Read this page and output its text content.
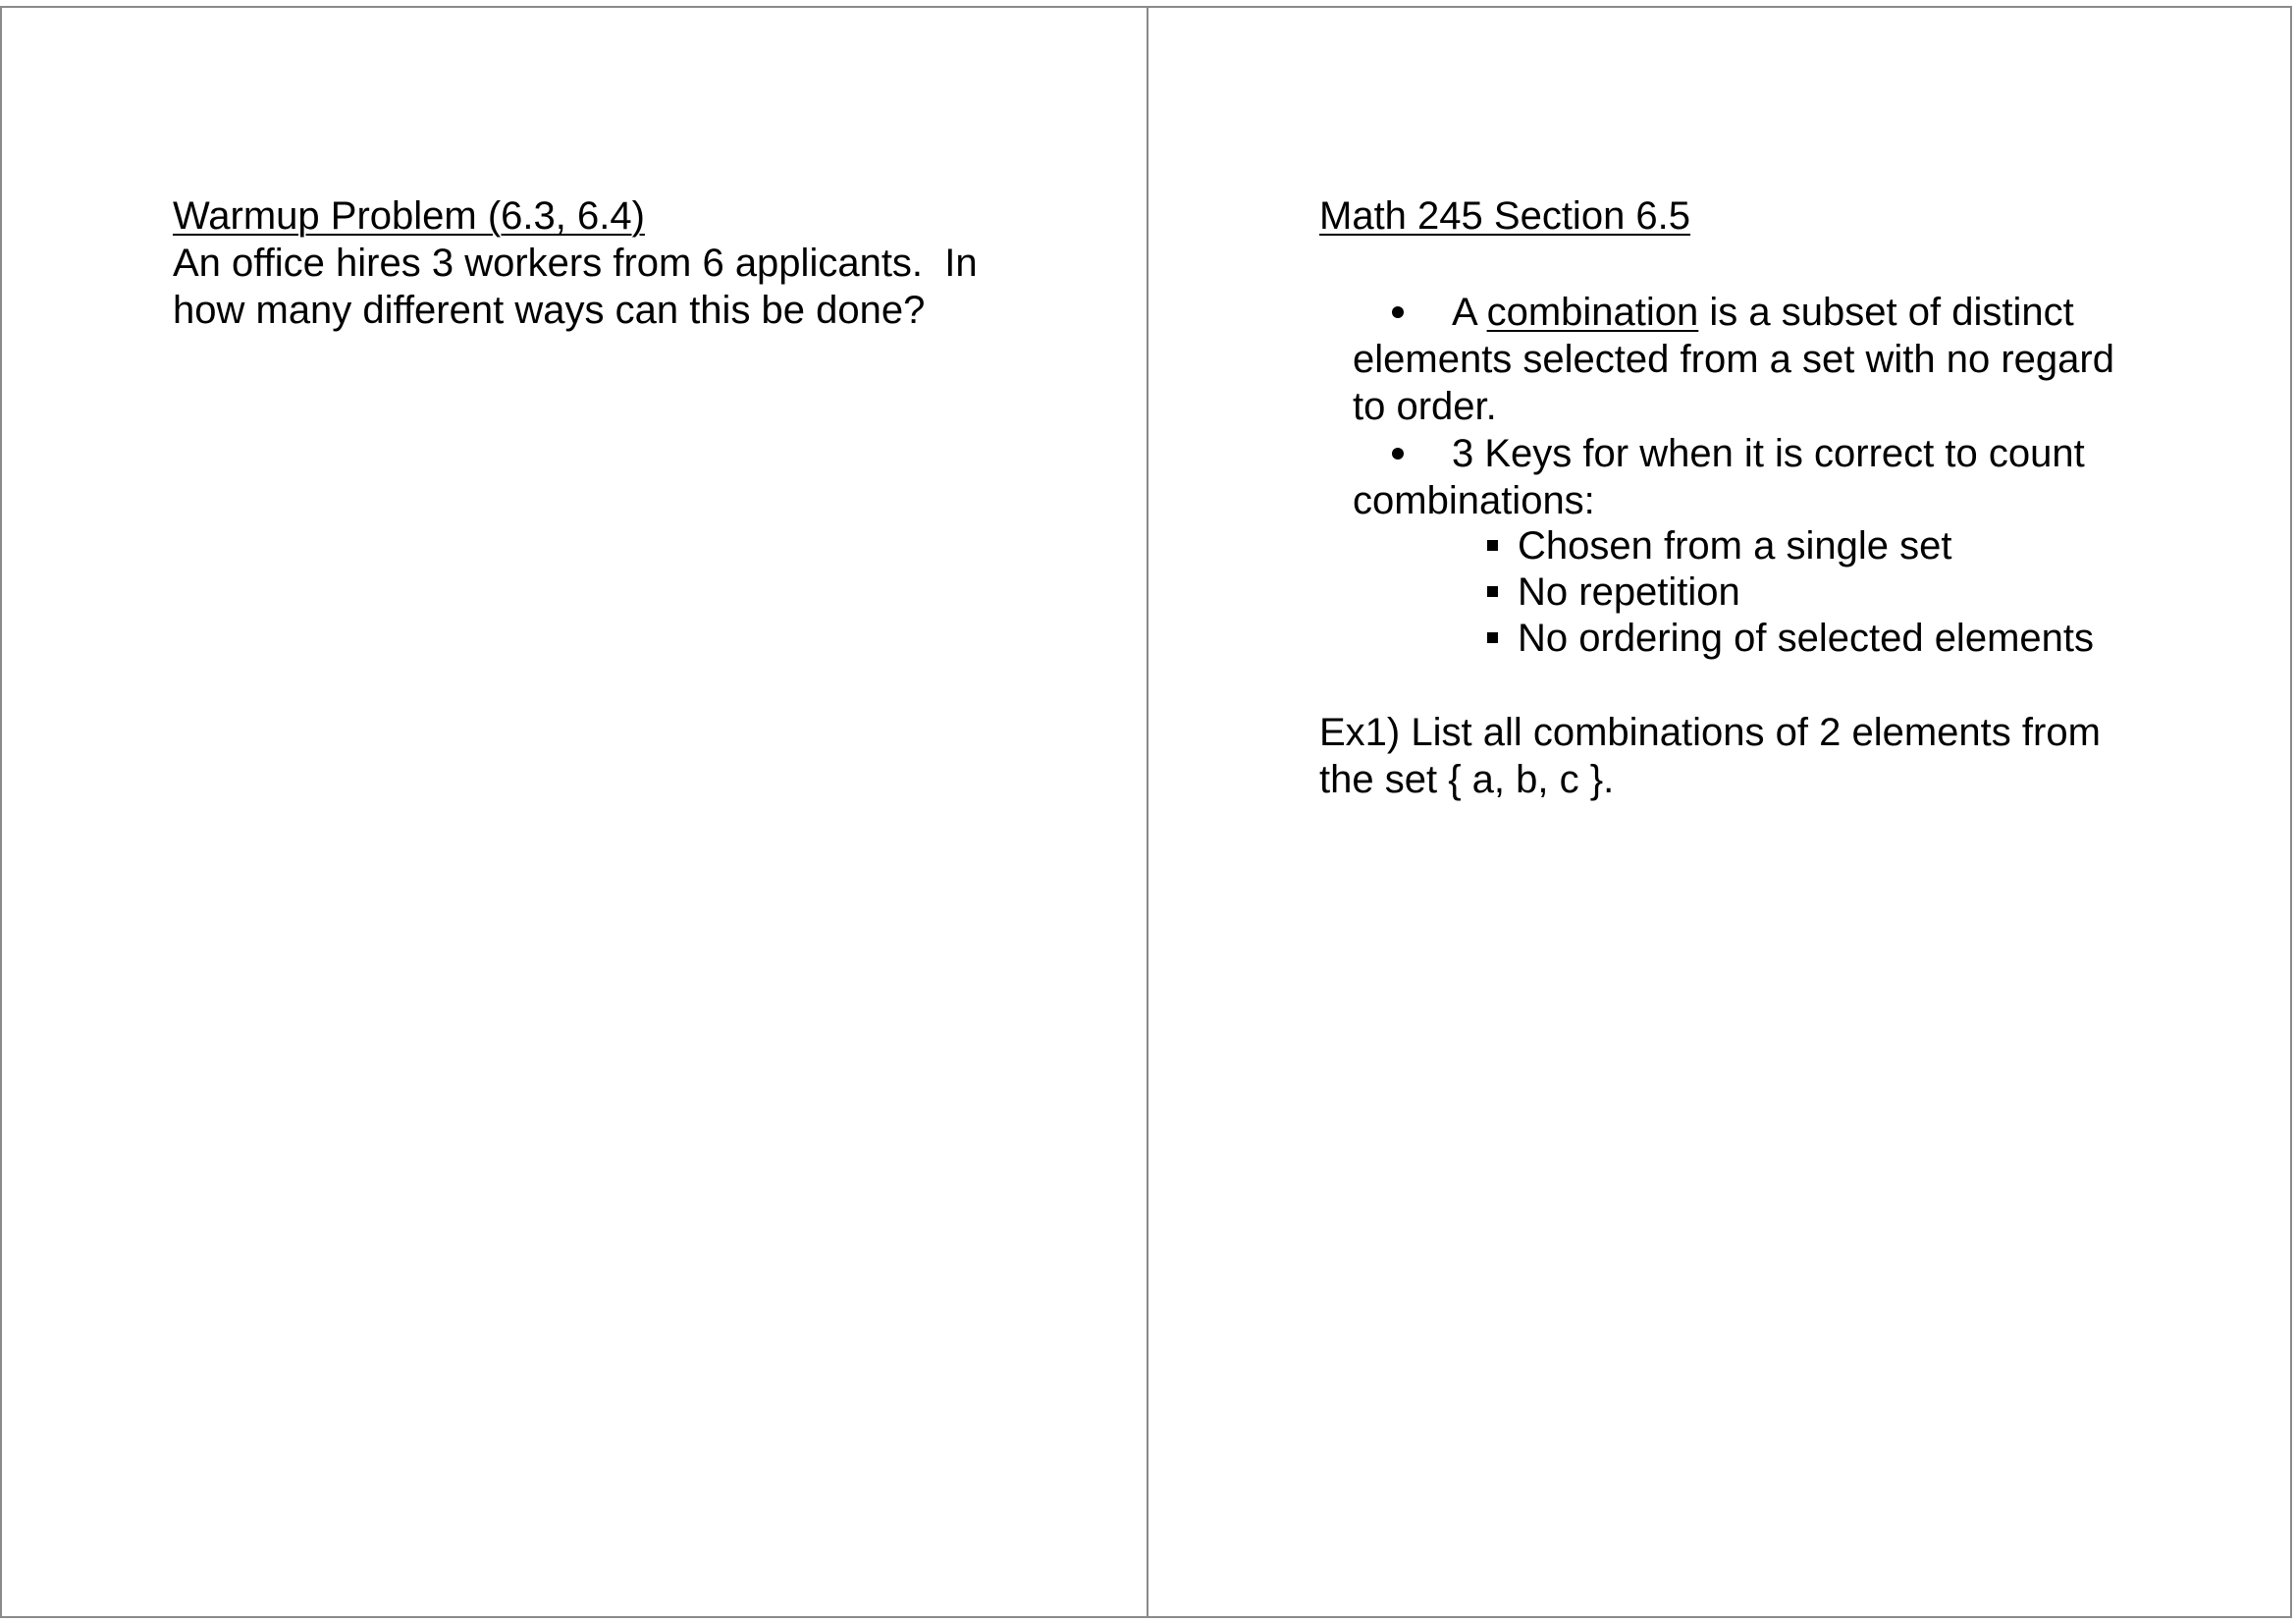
Warmup Problem (6.3, 6.4)
An office hires 3 workers from 6 applicants.  In
how many different ways can this be done?
Math 245 Section 6.5
A combination is a subset of distinct
elements selected from a set with no regard
to order.
3 Keys for when it is correct to count
combinations:
Chosen from a single set
No repetition
No ordering of selected elements
Ex1) List all combinations of 2 elements from
the set { a, b, c }.
